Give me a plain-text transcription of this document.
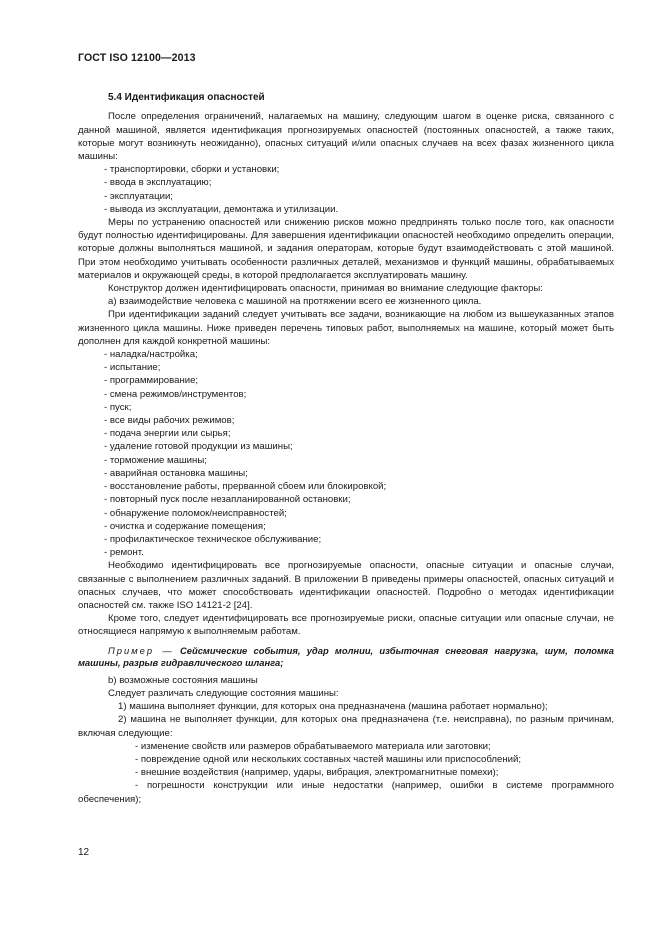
ГОСТ ISO 12100—2013
5.4 Идентификация опасностей

После определения ограничений, налагаемых на машину, следующим шагом в оценке риска, связанного с данной машиной, является идентификация прогнозируемых опасностей (постоянных опасностей, а также таких, которые могут возникнуть неожиданно), опасных ситуаций и/или опасных случаев на всех фазах жизненного цикла машины:

- транспортировки, сборки и установки;

- ввода в эксплуатацию;

- эксплуатации;

- вывода из эксплуатации, демонтажа и утилизации.

Меры по устранению опасностей или снижению рисков можно предпринять только после того, как опасности будут полностью идентифицированы. Для завершения идентификации опасностей необходимо определить операции, которые должны выполняться машиной, и задания операторам, которые будут взаимодействовать с этой машиной. При этом необходимо учитывать особенности различных деталей, механизмов и функций машины, обрабатываемых материалов и окружающей среды, в которой предполагается эксплуатировать машину.

Конструктор должен идентифицировать опасности, принимая во внимание следующие факторы:

а) взаимодействие человека с машиной на протяжении всего ее жизненного цикла.

При идентификации заданий следует учитывать все задачи, возникающие на любом из вышеуказанных этапов жизненного цикла машины. Ниже приведен перечень типовых работ, выполняемых на машине, который может быть дополнен для каждой конкретной машины:

- наладка/настройка;

- испытание;

- программирование;

- смена режимов/инструментов;

- пуск;

- все виды рабочих режимов;

- подача энергии или сырья;

- удаление готовой продукции из машины;

- торможение машины;

- аварийная остановка машины;

- восстановление работы, прерванной сбоем или блокировкой;

- повторный пуск после незапланированной остановки;

- обнаружение поломок/неисправностей;

- очистка и содержание помещения;

- профилактическое техническое обслуживание;

- ремонт.

Необходимо идентифицировать все прогнозируемые опасности, опасные ситуации и опасные случаи, связанные с выполнением различных заданий. В приложении В приведены примеры опасностей, опасных ситуаций и опасных случаев, что может способствовать идентификации опасностей. Подробно о методах идентификации опасностей см. также ISO 14121-2 [24].

Кроме того, следует идентифицировать все прогнозируемые риски, опасные ситуации или опасные случаи, не относящиеся напрямую к выполняемым работам.

Пример — Сейсмические события, удар молнии, избыточная снеговая нагрузка, шум, поломка машины, разрыв гидравлического шланга;

b) возможные состояния машины

Следует различать следующие состояния машины:

1) машина выполняет функции, для которых она предназначена (машина работает нормально);

2) машина не выполняет функции, для которых она предназначена (т.е. неисправна), по разным причинам, включая следующие:

- изменение свойств или размеров обрабатываемого материала или заготовки;

- повреждение одной или нескольких составных частей машины или приспособлений;

- внешние воздействия (например, удары, вибрация, электромагнитные помехи);

- погрешности конструкции или иные недостатки (например, ошибки в системе программного обеспечения);

12
